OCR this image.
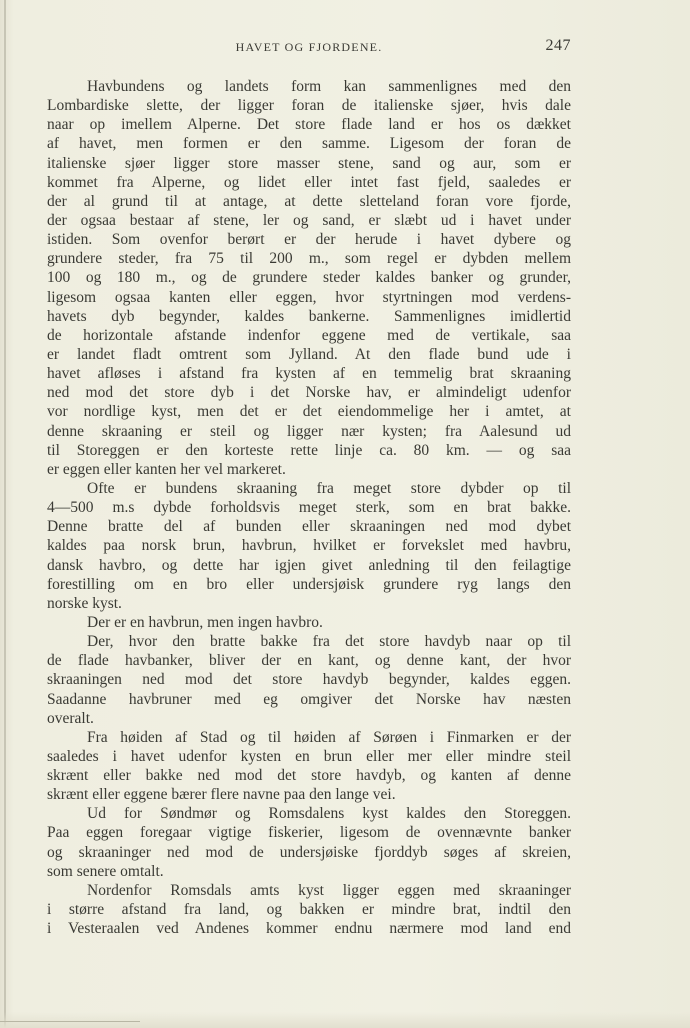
HAVET OG FJORDENE.	247
Havbundens og landets form kan sammenlignes med den
Lombardiske slette, der ligger foran de italienske sjøer, hvis dale
naar op imellem Alperne. Det store flade land er hos os dækket
af havet, men formen er den samme. Ligesom der foran de
italienske sjøer ligger store masser stene, sand og aur, som er
kommet fra Alperne, og lidet eller intet fast fjeld, saaledes er
der al grund til at antage, at dette sletteland foran vore fjorde,
der ogsaa bestaar af stene, ler og sand, er slæbt ud i havet under
istiden. Som ovenfor berørt er der herude i havet dybere og
grundere steder, fra 75 til 200 m., som regel er dybden mellem
100 og 180 m., og de grundere steder kaldes banker og grunder,
ligesom ogsaa kanten eller eggen, hvor styrtningen mod verdens-
havets dyb begynder, kaldes bankerne. Sammenlignes imidlertid
de horizontale afstande indenfor eggene med de vertikale, saa
er landet fladt omtrent som Jylland. At den flade bund ude i
havet afløses i afstand fra kysten af en temmelig brat skraaning
ned mod det store dyb i det Norske hav, er almindeligt udenfor
vor nordlige kyst, men det er det eiendommelige her i amtet, at
denne skraaning er steil og ligger nær kysten; fra Aalesund ud
til Storeggen er den korteste rette linje ca. 80 km. — og saa
er eggen eller kanten her vel markeret.
Ofte er bundens skraaning fra meget store dybder op til
4—500 m.s dybde forholdsvis meget sterk, som en brat bakke.
Denne bratte del af bunden eller skraaningen ned mod dybet
kaldes paa norsk brun, havbrun, hvilket er forvekslet med havbru,
dansk havbro, og dette har igjen givet anledning til den feilagtige
forestilling om en bro eller undersjøisk grundere ryg langs den
norske kyst.
Der er en havbrun, men ingen havbro.
Der, hvor den bratte bakke fra det store havdyb naar op til
de flade havbanker, bliver der en kant, og denne kant, der hvor
skraaningen ned mod det store havdyb begynder, kaldes eggen.
Saadanne havbruner med eg omgiver det Norske hav næsten
overalt.
Fra høiden af Stad og til høiden af Sørøen i Finmarken er der
saaledes i havet udenfor kysten en brun eller mer eller mindre steil
skrænt eller bakke ned mod det store havdyb, og kanten af denne
skrænt eller eggene bærer flere navne paa den lange vei.
Ud for Søndmør og Romsdalens kyst kaldes den Storeggen.
Paa eggen foregaar vigtige fiskerier, ligesom de ovennævnte banker
og skraaninger ned mod de undersjøiske fjorddyb søges af skreien,
som senere omtalt.
Nordenfor Romsdals amts kyst ligger eggen med skraaninger
i større afstand fra land, og bakken er mindre brat, indtil den
i Vesteraalen ved Andenes kommer endnu nærmere mod land end
